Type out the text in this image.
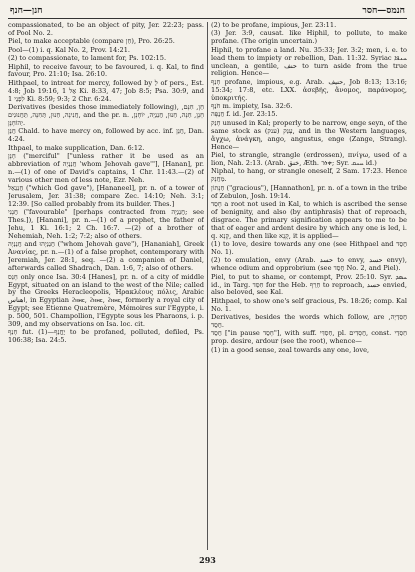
חנן—חנף	חנמס—חסר

compassionated, to be an object of pity, Jer. 22:23; pass. of Pool No. 2.

Piel, to make acceptable (compare חֵן), Pro. 26:25.

Pool—(1) i. q. Kal No. 2, Prov. 14:21.

(2) to compassionate, to lament for, Ps. 102:15.

Hiphil, to receive favour, to be favoured, i. q. Kal, to find favour, Pro. 21:10; Isa. 26:10.

Hithpael, to intreat for mercy, followed by לְ of pers., Est. 4:8; Job 19:16, אֶל 1 Ki. 8:33, 47; Job 8:5; Psa. 30:9, and לִפְנֵי 1 Ki. 8:59; 9:3; 2 Chr. 6:24.

Derivatives (besides those immediately following), חֵן, חִנָּם, חֲנִינָה, חַנּוּן, תְּחִנָּה, תַּחֲנוּנִים, and the pr. n. חָנָן, חַנָּה, חַנּוּן, חֲנַנְיָה, יוֹחָנָן, יְהוֹחָנָן.

חֲנַן Chald. to have mercy on, followed by acc. inf. חֲנַן, Dan. 4:24.

Ithpael, to make supplication, Dan. 6:12.

חָנָן ("merciful" ["unless rather it be used as an abbreviation of חֲנַנְיָה 'whom Jehovah gave'"], [Hanan], pr. n.—(1) of one of David's captains, 1 Chr. 11:43.—(2) of various other men of less note, Ezr. Neh.

חֲנַנְאֵל ("which God gave"), [Hananeel], pr. n. of a tower of Jerusalem, Jer. 31:38; compare Zec. 14:10; Neh. 3:1; 12:39. [So called probably from its builder. Thes.]

חֲנָנִי ("favourable" [perhaps contracted from חֲנַנְיָה; see Thes.]), [Hanani], pr. n.—(1) of a prophet, the father of Jehu, 1 Ki. 16:1; 2 Ch. 16:7. —(2) of a brother of Nehemiah, Neh. 1:2; 7:2; also of others.

חֲנַנְיָה and חֲנַנְיָהוּ ("whom Jehovah gave"), [Hananiah], Greek Ἀνανίας, pr. n.—(1) of a false prophet, contemporary with Jeremiah, Jer. 28:1, seq. —(2) a companion of Daniel, afterwards called Shadrach, Dan. 1:6, 7; also of others.

חָנֵס only once Isa. 30:4 [Hanes], pr. n. of a city of middle Egypt, situated on an island to the west of the Nile; called by the Greeks Heracleopolis, Ἡρακλέους πόλις, Arabic اهناس, in Egyptian ϩⲛⲏⲥ, ϩⲛⲏⲥ, ϩⲛⲏⲥ, formerly a royal city of Egypt; see Etienne Quatremère, Mémoires sur l'Egypte, i. p. 500, 501. Champollion, l'Egypte sous les Pharaons, i. p. 309, and my observations on Isa. loc. cit.

חָנֵף fut. יֶחֱנַף—(1) to be profaned, polluted, defiled, Ps. 106:38; Isa. 24:5.

(2) to be profane, impious, Jer. 23:11.

(3) Jer. 3:9, causat. like Hiphil, to pollute, to make profane. (The origin uncertain.)

Hiphil, to profane a land. Nu. 35:33; Jer. 3:2; men, i. e. to lead them to impiety or rebellion, Dan. 11:32. Syriac ܚܢܦܐ unclean, a gentile, حنف to turn aside from the true religion. Hence—

חָנֵף profane, impious, e.g. Arab. حنيف, Job 8:13; 13:16; 15:34; 17:8, etc. LXX. ἀσεβής, ἄνομος, παράνομος, ὑποκριτής.

חֹנֶף m. impiety, Isa. 32:6.

חֲנֻפָּה f. id. Jer. 23:15.

חָנַק unused in Kal; properly to be narrow, enge seyn, of the same stock as עָנַק (ענק), and in the Western languages, ἄγχω, ἀνάγκη, ango, angustus, enge (Zange, Strang). Hence—

Piel, to strangle, strangle (erdrossen), πνίγω, used of a lion, Nah. 2:13. (Arab. خنق, Æth. ኀነቀ; Syr. ܚܢܩ id.)

Niphal, to hang, or strangle oneself, 2 Sam. 17:23. Hence מַחֲנָק.

חַנָּתוֹן ("gracious"), [Hannathon], pr. n. of a town in the tribe of Zebulon, Josh. 19:14.

חָסַד a root not used in Kal, to which is ascribed the sense of benignity, and also (by antiphrasis) that of reproach, disgrace. The primary signification appears to me to be that of eager and ardent desire by which any one is led, i. q. קָנָא, and then like קָנָא, it is applied—

(1) to love, desire towards any one (see Hithpael and חֶסֶד No. 1).

(2) to emulation, envy (Arab. حسد to envy, حسد envy), whence odium and opprobrium (see חֶסֶד No. 2, and Piel).

Piel, to put to shame, or contempt, Prov. 25:10. Syr. ܚܣܕ id., in Targ. חִסַּד for the Heb. חֵרֵף to reproach, حسد envied, also beloved, see Kal.

Hithpael, to show one's self gracious, Ps. 18:26; comp. Kal No. 1.

Derivatives, besides the words which follow, are חֲסַדְיָה, חֶסֶד.

חֶסֶד ["in pause חָסֶד"], with suff. חַסְדִּי, pl. חֲסָדִים, const. חַסְדֵי prop. desire, ardour (see the root), whence—

(1) in a good sense, zeal towards any one, love,

293
